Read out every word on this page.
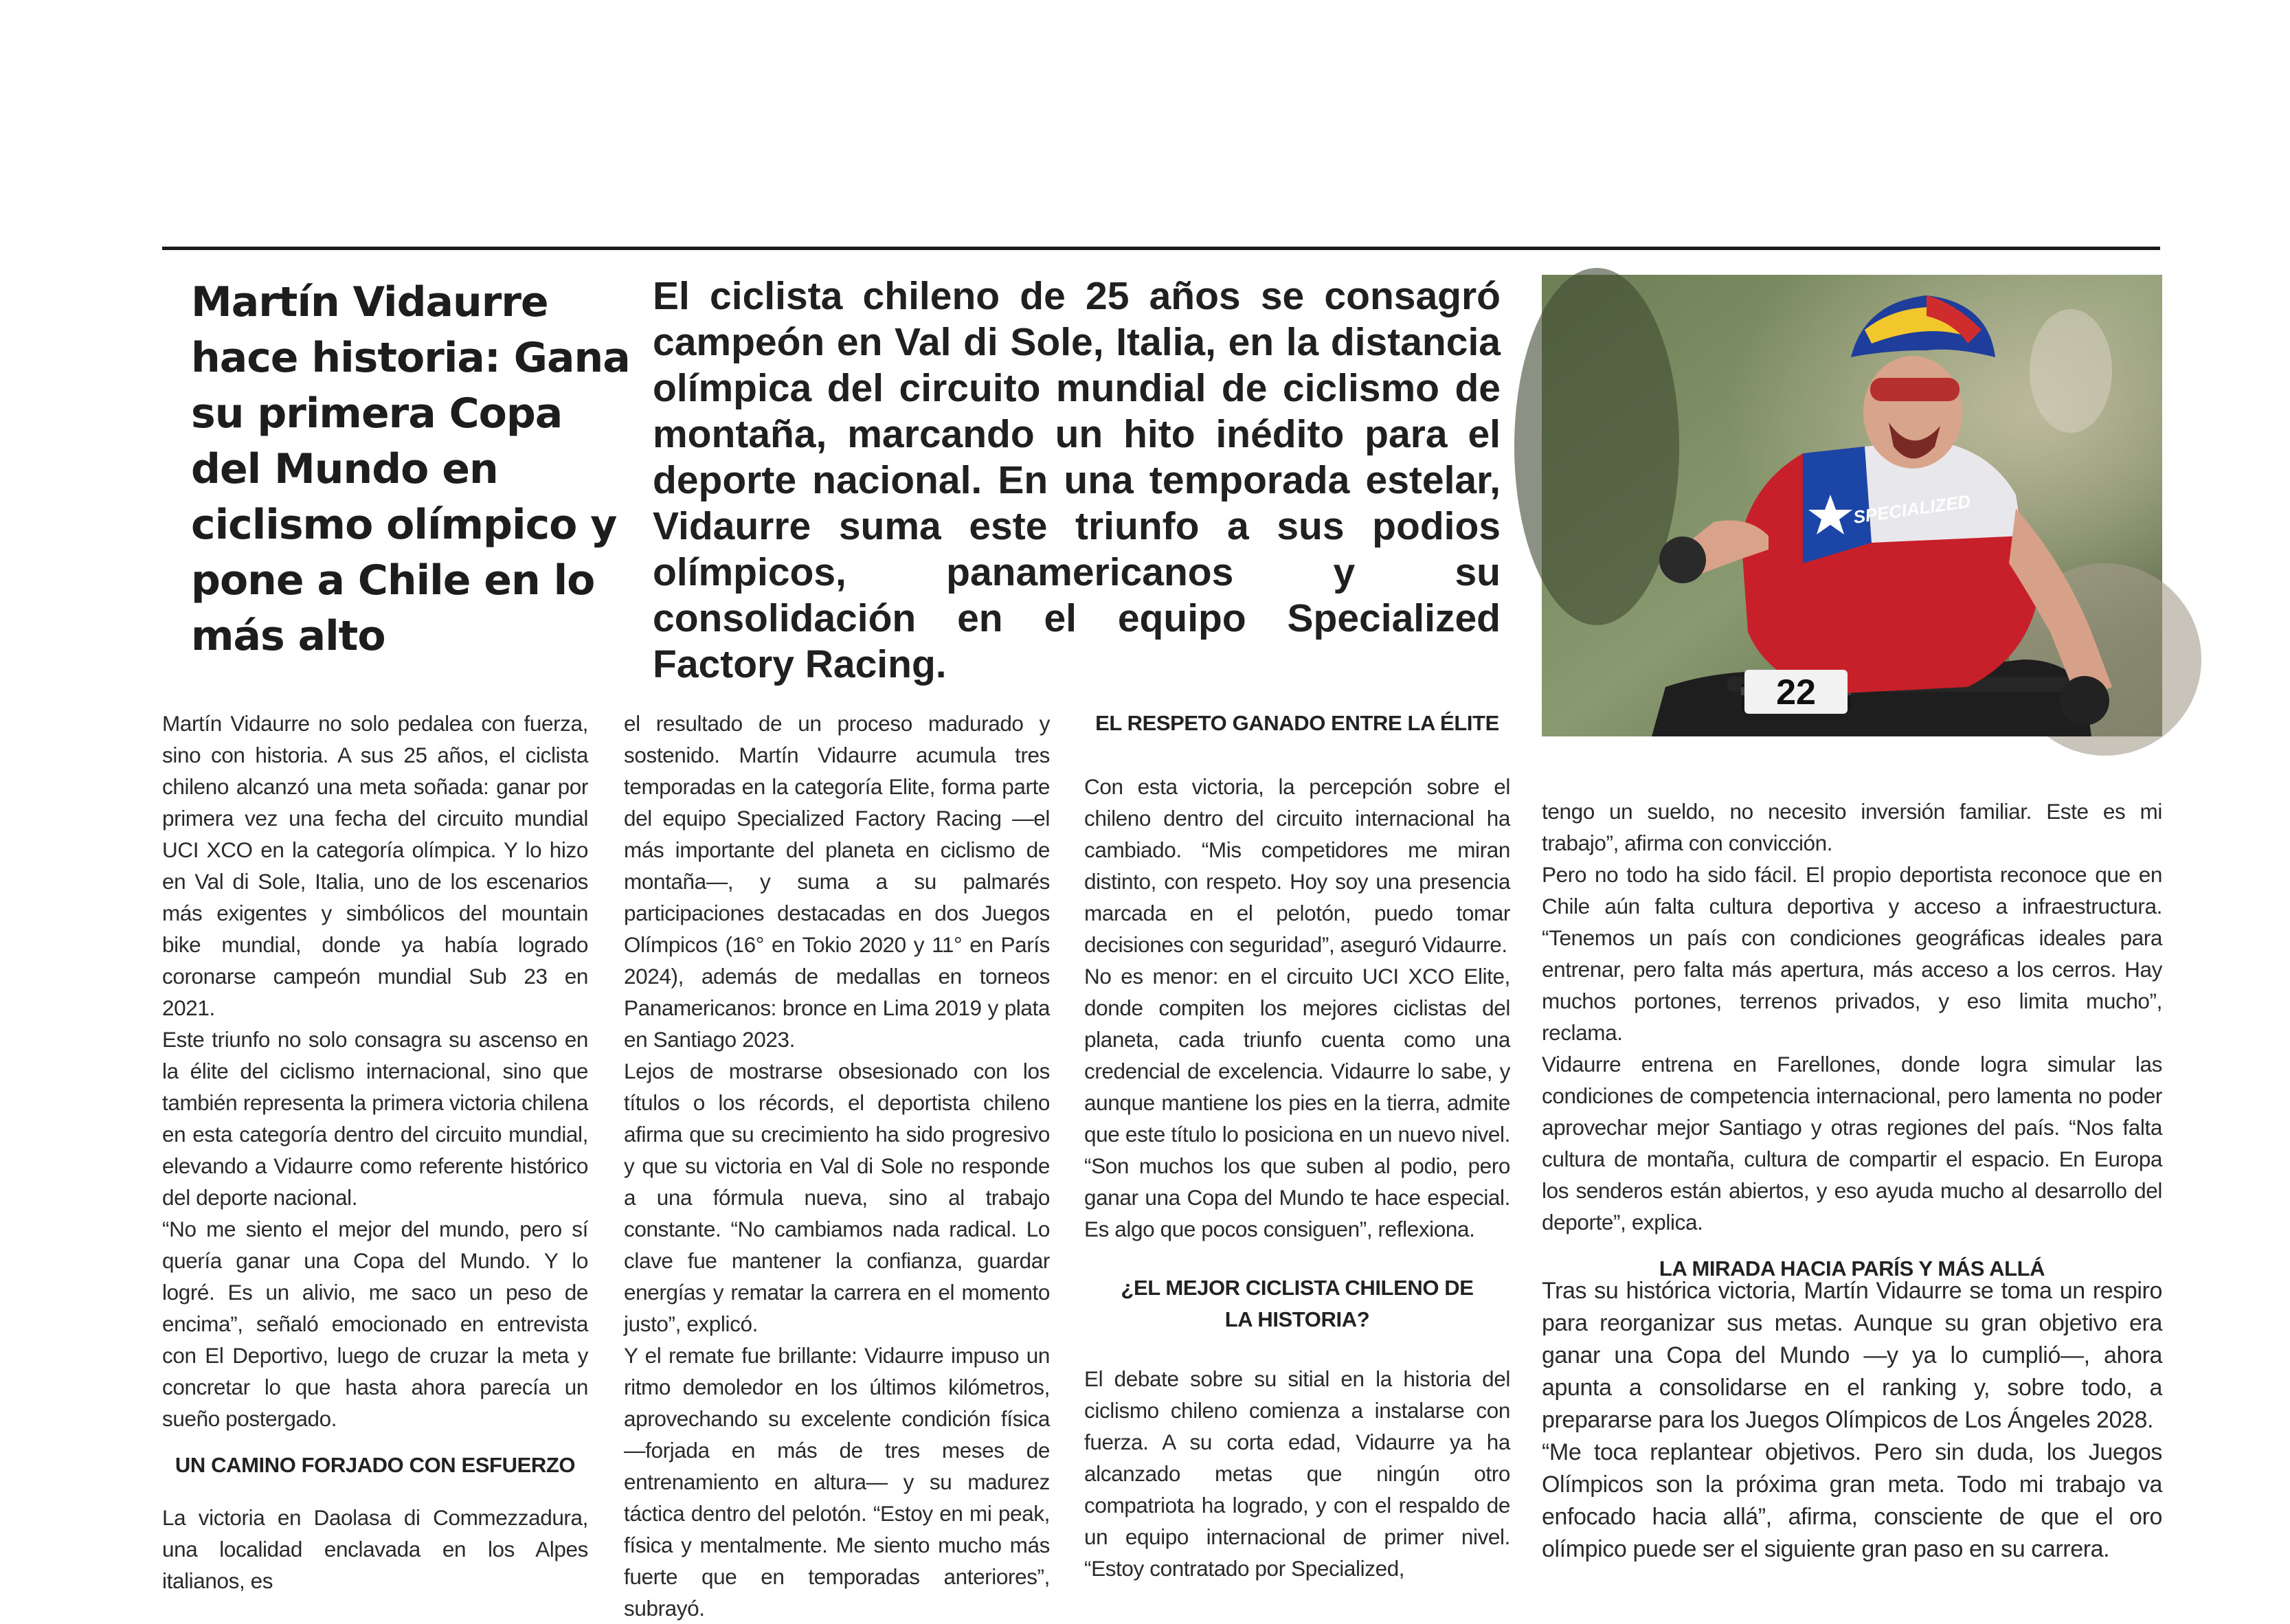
Martín Vidaurre hace historia: Gana su primera Copa del Mundo en ciclismo olímpico y pone a Chile en lo más alto

El ciclista chileno de 25 años se consagró campeón en Val di Sole, Italia, en la distancia olímpica del circuito mundial de ciclismo de montaña, marcando un hito inédito para el deporte nacional. En una temporada estelar, Vidaurre suma este triunfo a sus podios olímpicos, panamericanos y su consolidación en el equipo Specialized Factory Racing.

22
SPECIALIZED

Martín Vidaurre no solo pedalea con fuerza, sino con historia. A sus 25 años, el ciclista chileno alcanzó una meta soñada: ganar por primera vez una fecha del circuito mundial UCI XCO en la categoría olímpica. Y lo hizo en Val di Sole, Italia, uno de los escenarios más exigentes y simbólicos del mountain bike mundial, donde ya había logrado coronarse campeón mundial Sub 23 en 2021.

Este triunfo no solo consagra su ascenso en la élite del ciclismo internacional, sino que también representa la primera victoria chilena en esta categoría dentro del circuito mundial, elevando a Vidaurre como referente histórico del deporte nacional.

“No me siento el mejor del mundo, pero sí quería ganar una Copa del Mundo. Y lo logré. Es un alivio, me saco un peso de encima”, señaló emocionado en entrevista con El Deportivo, luego de cruzar la meta y concretar lo que hasta ahora parecía un sueño postergado.

UN CAMINO FORJADO CON ESFUERZO

La victoria en Daolasa di Commezzadura, una localidad enclavada en los Alpes italianos, es

el resultado de un proceso madurado y sostenido. Martín Vidaurre acumula tres temporadas en la categoría Elite, forma parte del equipo Specialized Factory Racing —el más importante del planeta en ciclismo de montaña—, y suma a su palmarés participaciones destacadas en dos Juegos Olímpicos (16° en Tokio 2020 y 11° en París 2024), además de medallas en torneos Panamericanos: bronce en Lima 2019 y plata en Santiago 2023.

Lejos de mostrarse obsesionado con los títulos o los récords, el deportista chileno afirma que su crecimiento ha sido progresivo y que su victoria en Val di Sole no responde a una fórmula nueva, sino al trabajo constante. “No cambiamos nada radical. Lo clave fue mantener la confianza, guardar energías y rematar la carrera en el momento justo”, explicó.

Y el remate fue brillante: Vidaurre impuso un ritmo demoledor en los últimos kilómetros, aprovechando su excelente condición física —forjada en más de tres meses de entrenamiento en altura— y su madurez táctica dentro del pelotón. “Estoy en mi peak, física y mentalmente. Me siento mucho más fuerte que en temporadas anteriores”, subrayó.

EL RESPETO GANADO ENTRE LA ÉLITE

Con esta victoria, la percepción sobre el chileno dentro del circuito internacional ha cambiado. “Mis competidores me miran distinto, con respeto. Hoy soy una presencia marcada en el pelotón, puedo tomar decisiones con seguridad”, aseguró Vidaurre.

No es menor: en el circuito UCI XCO Elite, donde compiten los mejores ciclistas del planeta, cada triunfo cuenta como una credencial de excelencia. Vidaurre lo sabe, y aunque mantiene los pies en la tierra, admite que este título lo posiciona en un nuevo nivel. “Son muchos los que suben al podio, pero ganar una Copa del Mundo te hace especial. Es algo que pocos consiguen”, reflexiona.

¿EL MEJOR CICLISTA CHILENO DE LA HISTORIA?

El debate sobre su sitial en la historia del ciclismo chileno comienza a instalarse con fuerza. A su corta edad, Vidaurre ya ha alcanzado metas que ningún otro compatriota ha logrado, y con el respaldo de un equipo internacional de primer nivel. “Estoy contratado por Specialized,

tengo un sueldo, no necesito inversión familiar. Este es mi trabajo”, afirma con convicción.

Pero no todo ha sido fácil. El propio deportista reconoce que en Chile aún falta cultura deportiva y acceso a infraestructura. “Tenemos un país con condiciones geográficas ideales para entrenar, pero falta más apertura, más acceso a los cerros. Hay muchos portones, terrenos privados, y eso limita mucho”, reclama.

Vidaurre entrena en Farellones, donde logra simular las condiciones de competencia internacional, pero lamenta no poder aprovechar mejor Santiago y otras regiones del país. “Nos falta cultura de montaña, cultura de compartir el espacio. En Europa los senderos están abiertos, y eso ayuda mucho al desarrollo del deporte”, explica.

LA MIRADA HACIA PARÍS Y MÁS ALLÁ

Tras su histórica victoria, Martín Vidaurre se toma un respiro para reorganizar sus metas. Aunque su gran objetivo era ganar una Copa del Mundo —y ya lo cumplió—, ahora apunta a consolidarse en el ranking y, sobre todo, a prepararse para los Juegos Olímpicos de Los Ángeles 2028.

“Me toca replantear objetivos. Pero sin duda, los Juegos Olímpicos son la próxima gran meta. Todo mi trabajo va enfocado hacia allá”, afirma, consciente de que el oro olímpico puede ser el siguiente gran paso en su carrera.
